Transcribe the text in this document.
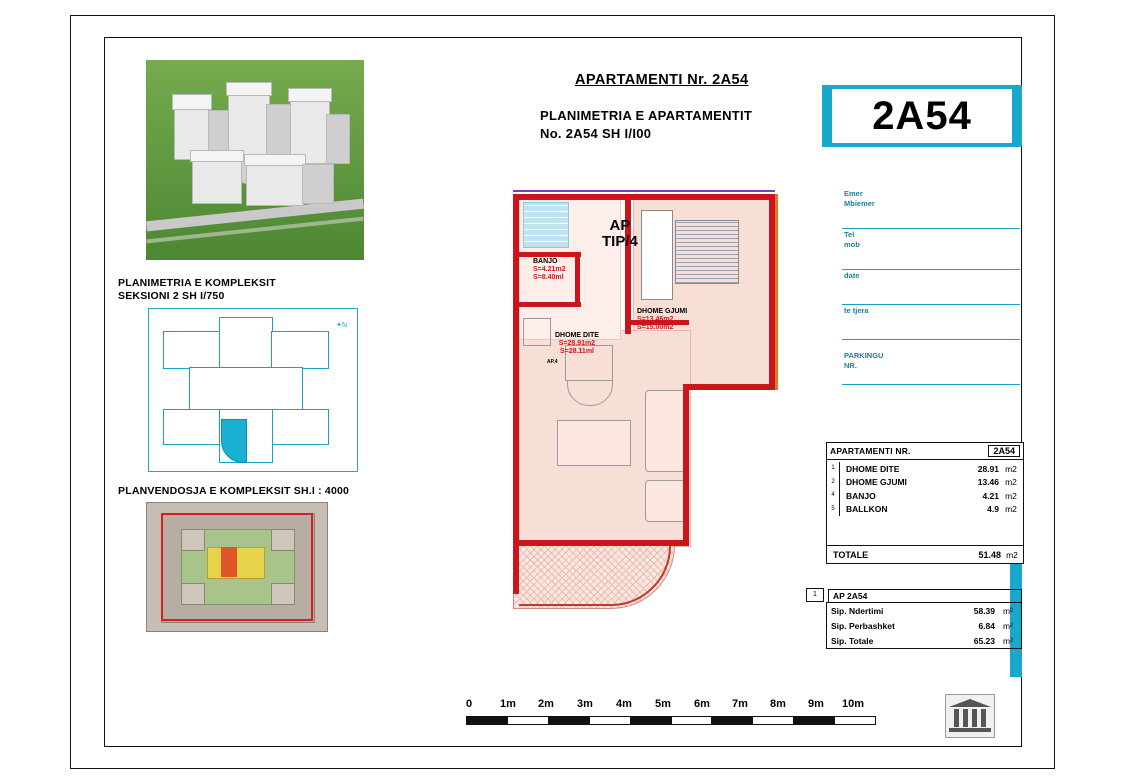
PLANIMETRIA E KOMPLEKSIT
SEKSIONI 2 SH I/750
✦N
PLANVENDOSJA E KOMPLEKSIT SH.I : 4000
APARTAMENTI Nr. 2A54
PLANIMETRIA E APARTAMENTIT
No. 2A54 SH I/I00	2A54
Emer
Mbiemer
Tel
mob
date
te tjera
PARKINGU
NR.
APARTAMENTI NR.	2A54
1	DHOME DITE	28.91 m2
2	DHOME GJUMI	13.46 m2
4	BANJO	4.21 m2
5	BALLKON	4.9 m2
TOTALE	51.48 m2
1	AP 2A54
Sip. Ndertimi	58.39 m²
Sip. Perbashket	6.84 m²
Sip. Totale	65.23 m²
AP
TIP/4
BANJO
S=4.21m2
S=8.40ml
DHOME DITE
S=28.91m2
S=28.11ml
DHOME GJUMI
S=13.46m2
S=15.00m2
AP.4
0	1m 2m 3m 4m 5m 6m 7m 8m 9m 10m
